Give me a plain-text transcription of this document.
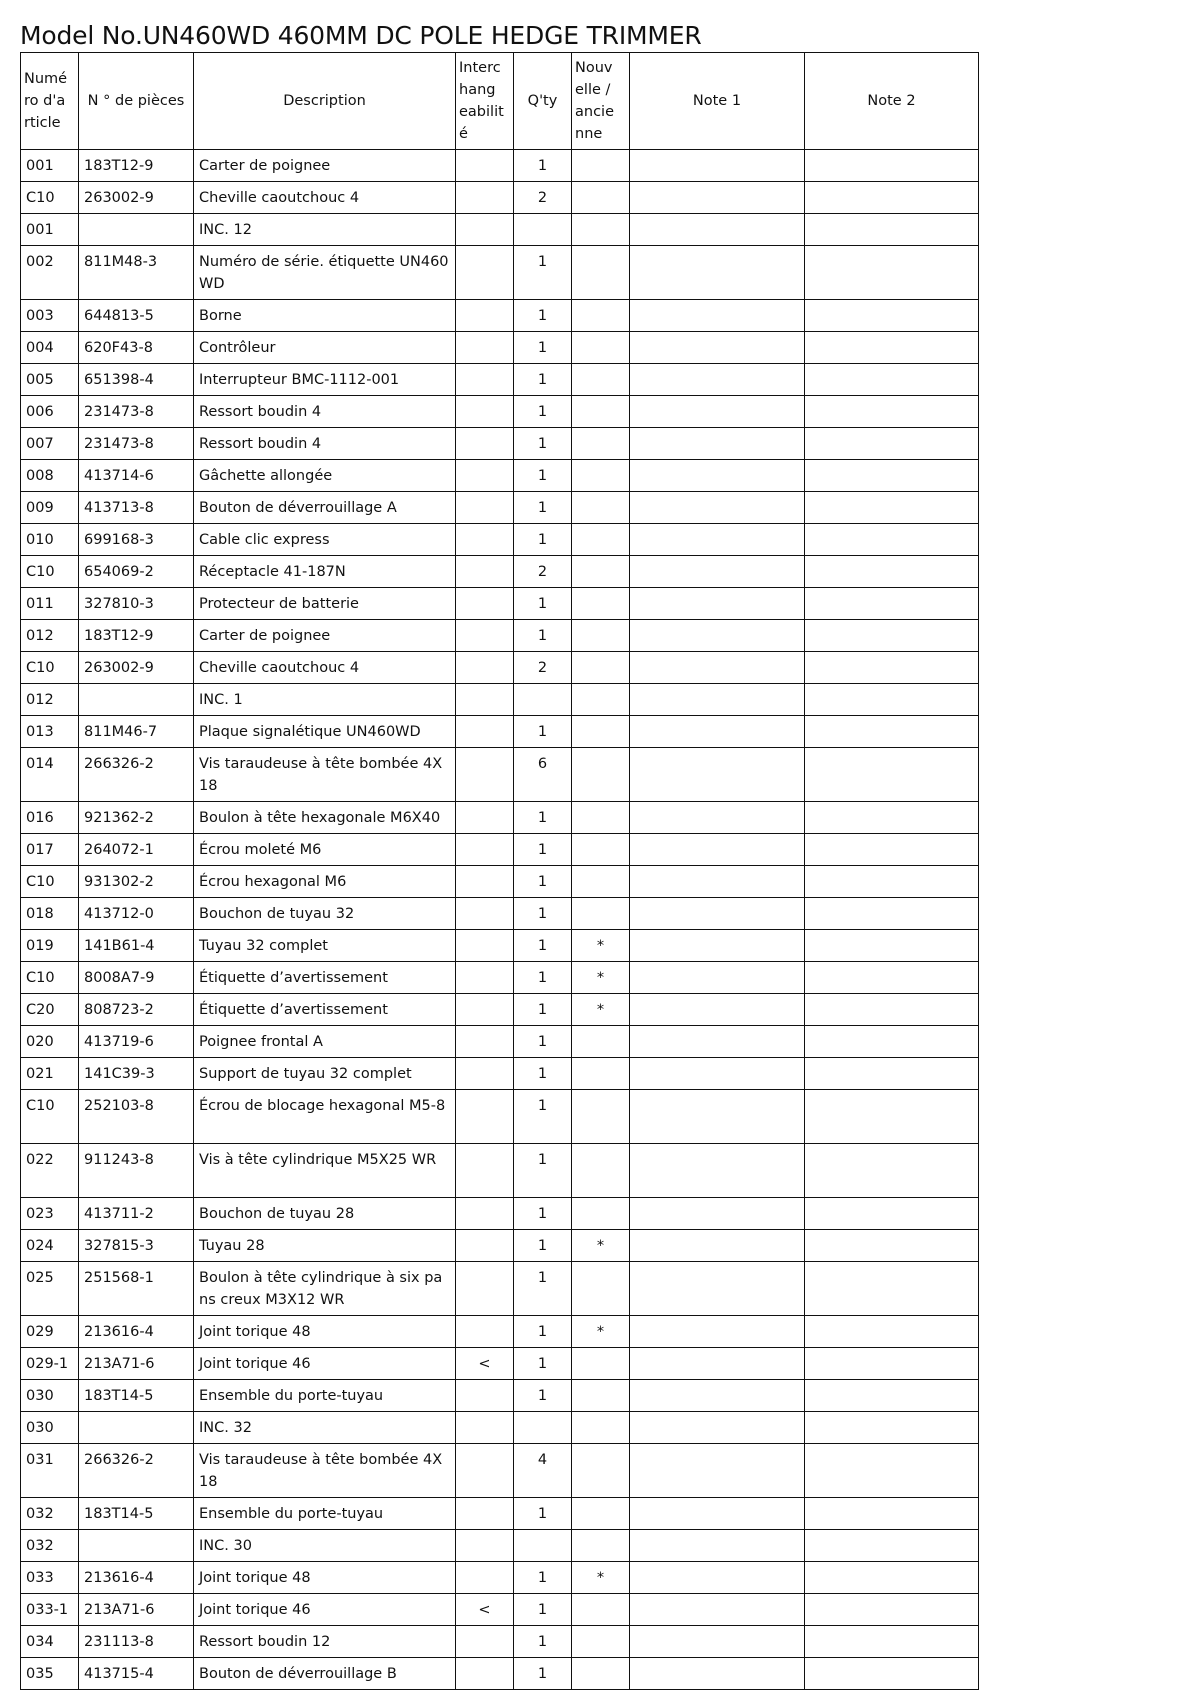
Model No.UN460WD 460MM DC POLE HEDGE TRIMMER
Numé ro d'a rticle	N ° de pièces	Description	Interc hang eabilit é	Q'ty	Nouv elle / ancie nne	Note 1	Note 2
001	183T12-9	Carter de poignee		1			
C10	263002-9	Cheville caoutchouc 4		2			
001		INC. 12					
002	811M48-3	Numéro de série. étiquette UN460WD		1			
003	644813-5	Borne		1			
004	620F43-8	Contrôleur		1			
005	651398-4	Interrupteur BMC-1112-001		1			
006	231473-8	Ressort boudin 4		1			
007	231473-8	Ressort boudin 4		1			
008	413714-6	Gâchette allongée		1			
009	413713-8	Bouton de déverrouillage A		1			
010	699168-3	Cable clic express		1			
C10	654069-2	Réceptacle 41-187N		2			
011	327810-3	Protecteur de batterie		1			
012	183T12-9	Carter de poignee		1			
C10	263002-9	Cheville caoutchouc 4		2			
012		INC. 1					
013	811M46-7	Plaque signalétique UN460WD		1			
014	266326-2	Vis taraudeuse à tête bombée 4X18		6			
016	921362-2	Boulon à tête hexagonale M6X40		1			
017	264072-1	Écrou moleté M6		1			
C10	931302-2	Écrou hexagonal M6		1			
018	413712-0	Bouchon de tuyau 32		1			
019	141B61-4	Tuyau 32 complet		1	*		
C10	8008A7-9	Étiquette d’avertissement		1	*		
C20	808723-2	Étiquette d’avertissement		1	*		
020	413719-6	Poignee frontal A		1			
021	141C39-3	Support de tuyau 32 complet		1			
C10	252103-8	Écrou de blocage hexagonal M5-8		1			
022	911243-8	Vis à tête cylindrique M5X25 WR		1			
023	413711-2	Bouchon de tuyau 28		1			
024	327815-3	Tuyau 28		1	*		
025	251568-1	Boulon à tête cylindrique à six pans creux M3X12 WR		1			
029	213616-4	Joint torique 48		1	*		
029-1	213A71-6	Joint torique 46	<	1			
030	183T14-5	Ensemble du porte-tuyau		1			
030		INC. 32					
031	266326-2	Vis taraudeuse à tête bombée 4X18		4			
032	183T14-5	Ensemble du porte-tuyau		1			
032		INC. 30					
033	213616-4	Joint torique 48		1	*		
033-1	213A71-6	Joint torique 46	<	1			
034	231113-8	Ressort boudin 12		1			
035	413715-4	Bouton de déverrouillage B		1			
